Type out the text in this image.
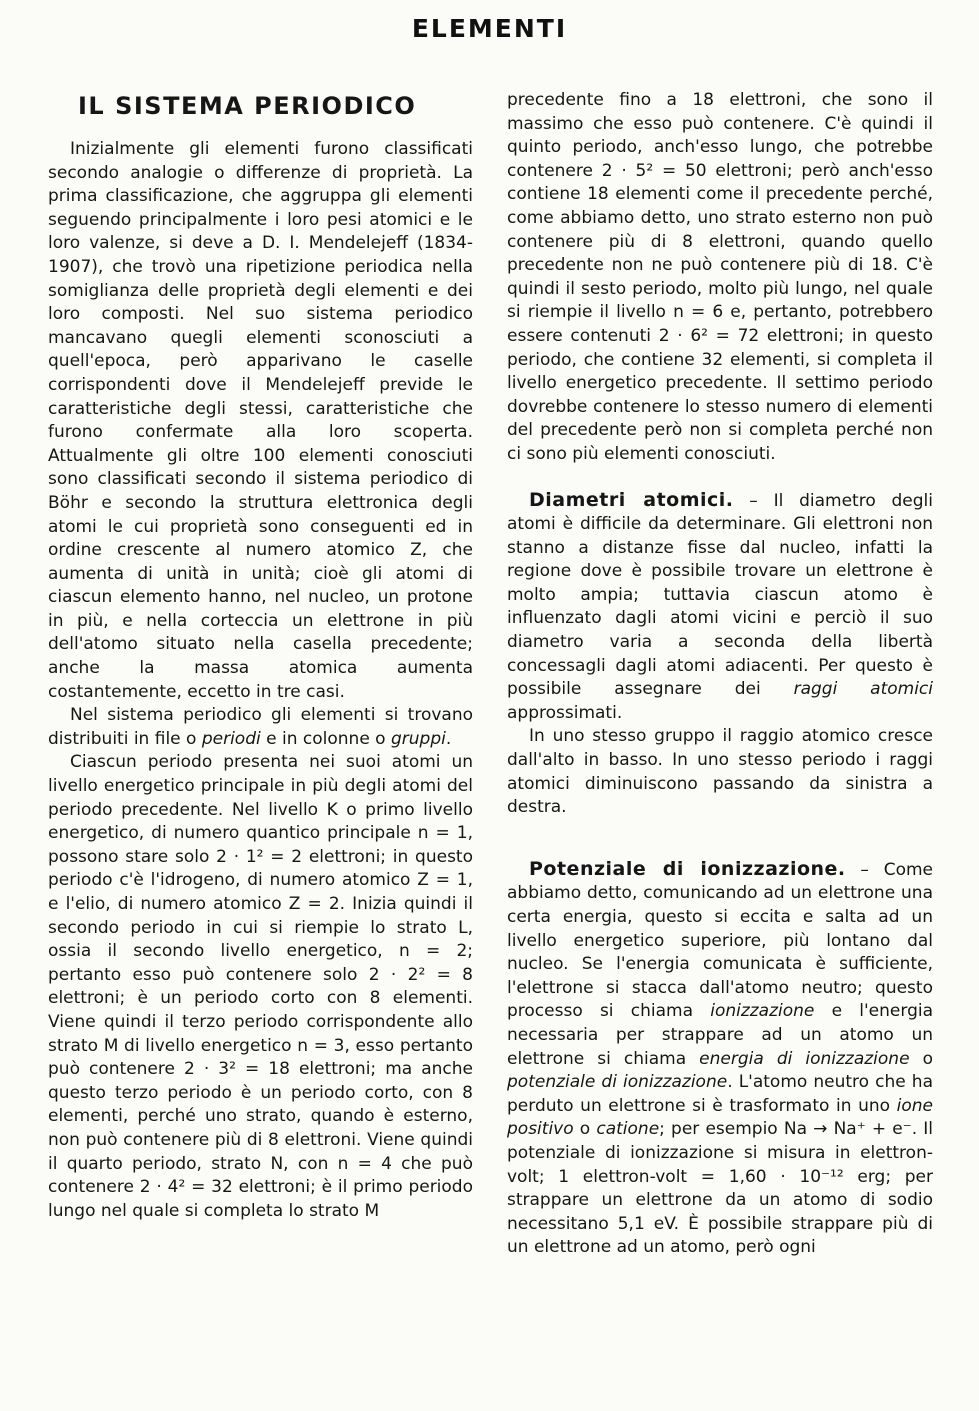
ELEMENTI
IL SISTEMA PERIODICO

Inizialmente gli elementi furono classificati secondo analogie o differenze di proprietà. La prima classificazione, che aggruppa gli elementi seguendo principalmente i loro pesi atomici e le loro valenze, si deve a D. I. Mendelejeff (1834-1907), che trovò una ripetizione periodica nella somiglianza delle proprietà degli elementi e dei loro composti. Nel suo sistema periodico mancavano quegli elementi sconosciuti a quell'epoca, però apparivano le caselle corrispondenti dove il Mendelejeff previde le caratteristiche degli stessi, caratteristiche che furono confermate alla loro scoperta. Attualmente gli oltre 100 elementi conosciuti sono classificati secondo il sistema periodico di Böhr e secondo la struttura elettronica degli atomi le cui proprietà sono conseguenti ed in ordine crescente al numero atomico Z, che aumenta di unità in unità; cioè gli atomi di ciascun elemento hanno, nel nucleo, un protone in più, e nella corteccia un elettrone in più dell'atomo situato nella casella precedente; anche la massa atomica aumenta costantemente, eccetto in tre casi.

Nel sistema periodico gli elementi si trovano distribuiti in file o periodi e in colonne o gruppi.

Ciascun periodo presenta nei suoi atomi un livello energetico principale in più degli atomi del periodo precedente. Nel livello K o primo livello energetico, di numero quantico principale n = 1, possono stare solo 2 · 1² = 2 elettroni; in questo periodo c'è l'idrogeno, di numero atomico Z = 1, e l'elio, di numero atomico Z = 2. Inizia quindi il secondo periodo in cui si riempie lo strato L, ossia il secondo livello energetico, n = 2; pertanto esso può contenere solo 2 · 2² = 8 elettroni; è un periodo corto con 8 elementi. Viene quindi il terzo periodo corrispondente allo strato M di livello energetico n = 3, esso pertanto può contenere 2 · 3² = 18 elettroni; ma anche questo terzo periodo è un periodo corto, con 8 elementi, perché uno strato, quando è esterno, non può contenere più di 8 elettroni. Viene quindi il quarto periodo, strato N, con n = 4 che può contenere 2 · 4² = 32 elettroni; è il primo periodo lungo nel quale si completa lo strato M

precedente fino a 18 elettroni, che sono il massimo che esso può contenere. C'è quindi il quinto periodo, anch'esso lungo, che potrebbe contenere 2 · 5² = 50 elettroni; però anch'esso contiene 18 elementi come il precedente perché, come abbiamo detto, uno strato esterno non può contenere più di 8 elettroni, quando quello precedente non ne può contenere più di 18. C'è quindi il sesto periodo, molto più lungo, nel quale si riempie il livello n = 6 e, pertanto, potrebbero essere contenuti 2 · 6² = 72 elettroni; in questo periodo, che contiene 32 elementi, si completa il livello energetico precedente. Il settimo periodo dovrebbe contenere lo stesso numero di elementi del precedente però non si completa perché non ci sono più elementi conosciuti.

Diametri atomici. – Il diametro degli atomi è difficile da determinare. Gli elettroni non stanno a distanze fisse dal nucleo, infatti la regione dove è possibile trovare un elettrone è molto ampia; tuttavia ciascun atomo è influenzato dagli atomi vicini e perciò il suo diametro varia a seconda della libertà concessagli dagli atomi adiacenti. Per questo è possibile assegnare dei raggi atomici approssimati.

In uno stesso gruppo il raggio atomico cresce dall'alto in basso. In uno stesso periodo i raggi atomici diminuiscono passando da sinistra a destra.

Potenziale di ionizzazione. – Come abbiamo detto, comunicando ad un elettrone una certa energia, questo si eccita e salta ad un livello energetico superiore, più lontano dal nucleo. Se l'energia comunicata è sufficiente, l'elettrone si stacca dall'atomo neutro; questo processo si chiama ionizzazione e l'energia necessaria per strappare ad un atomo un elettrone si chiama energia di ionizzazione o potenziale di ionizzazione. L'atomo neutro che ha perduto un elettrone si è trasformato in uno ione positivo o catione; per esempio Na → Na⁺ + e⁻. Il potenziale di ionizzazione si misura in elettron-volt; 1 elettron-volt = 1,60 · 10⁻¹² erg; per strappare un elettrone da un atomo di sodio necessitano 5,1 eV. È possibile strappare più di un elettrone ad un atomo, però ogni
